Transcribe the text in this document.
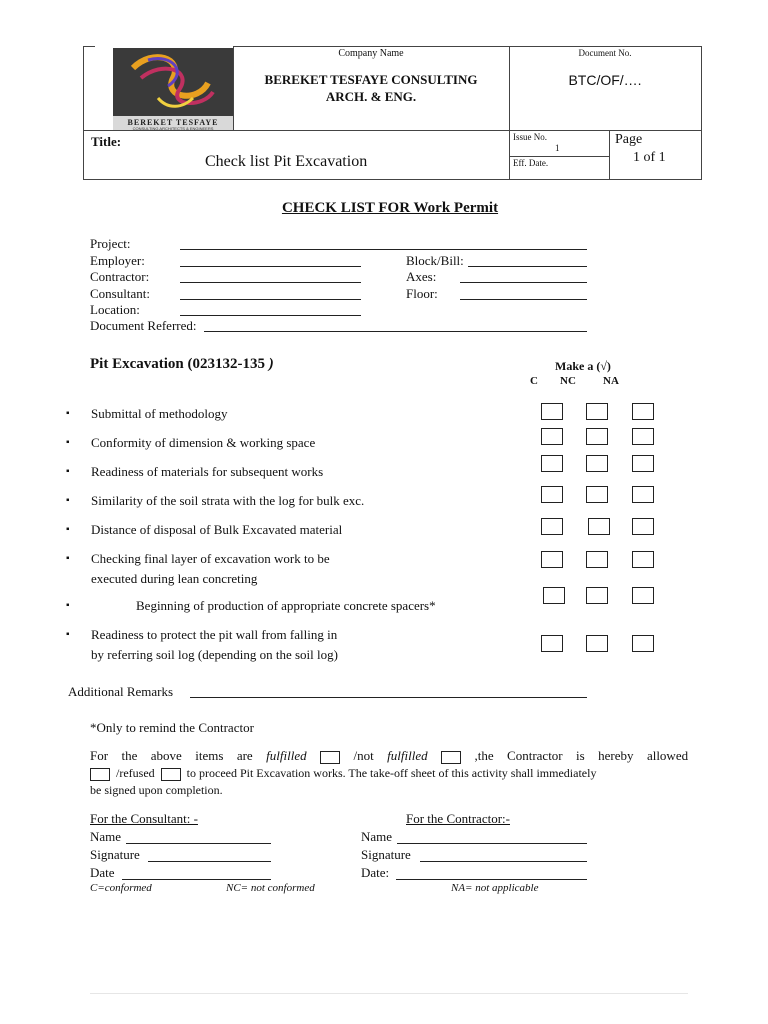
BEREKET TESFAYE
CONSULTING ARCHITECTS & ENGINEERS
Company Name
BEREKET TESFAYE CONSULTING
ARCH. & ENG.
Document No.
BTC/OF/….
Title:
Check list Pit Excavation
Issue No.
1
Eff. Date.
Page
1 of 1
CHECK LIST FOR Work Permit
Project:
Employer:	Block/Bill:
Contractor:	Axes:
Consultant:	Floor:
Location:
Document Referred:
Pit Excavation (023132-135 )	Make a (√)
C NC NA
▪ Submittal of methodology
▪ Conformity of dimension & working space
▪ Readiness of materials for subsequent works
▪ Similarity of the soil strata with the log for bulk exc.
▪ Distance of disposal of Bulk Excavated material
▪ Checking final layer of excavation work to be
executed during lean concreting
▪	Beginning of production of appropriate concrete spacers*
▪ Readiness to protect the pit wall from falling in
by referring soil log (depending on the soil log)
Additional Remarks
*Only to remind the Contractor
For the above items are fulfilled	/not fulfilled	,the Contractor is hereby allowed
/refused	to proceed Pit Excavation works. The take-off sheet of this activity shall immediately
be signed upon completion.
For the Consultant: -	For the Contractor:-
Name	Name
Signature	Signature
Date	Date:
C=conformed	NC= not conformed	NA= not applicable
